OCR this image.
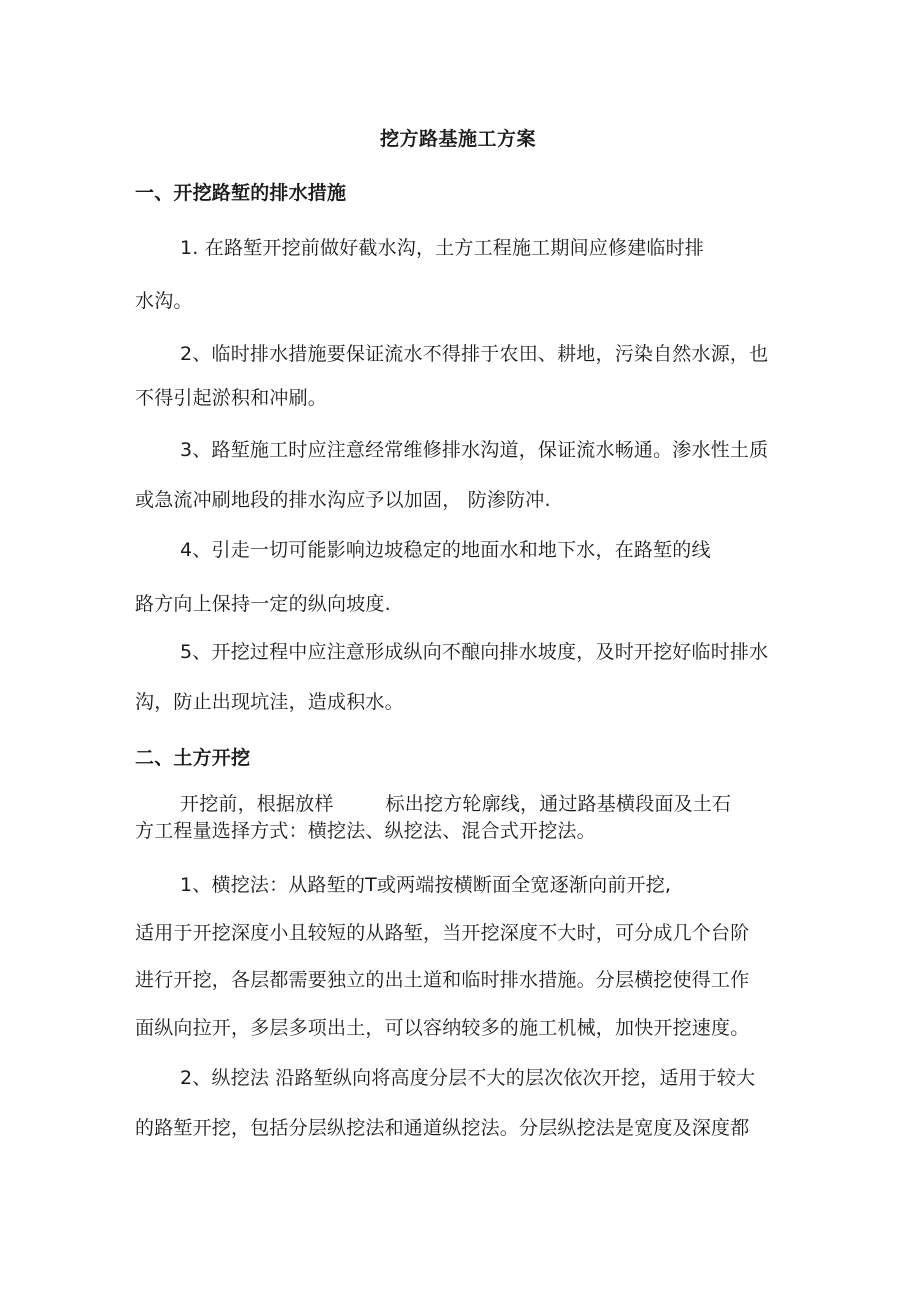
挖方路基施工方案
一、开挖路堑的排水措施
1. 在路堑开挖前做好截水沟，土方工程施工期间应修建临时排
水沟。
2、临时排水措施要保证流水不得排于农田、耕地，污染自然水源，也
不得引起淤积和冲刷。
3、路堑施工时应注意经常维修排水沟道，保证流水畅通。渗水性土质
或急流冲刷地段的排水沟应予以加固， 防渗防冲.
4、引走一切可能影响边坡稳定的地面水和地下水，在路堑的线
路方向上保持一定的纵向坡度.
5、开挖过程中应注意形成纵向不酿向排水坡度，及时开挖好临时排水
沟，防止出现坑洼，造成积水。
二、土方开挖
开挖前，根据放样	标出挖方轮廓线，通过路基横段面及土石
方工程量选择方式：横挖法、纵挖法、混合式开挖法。
1、横挖法：从路堑的T或两端按横断面全宽逐渐向前开挖,
适用于开挖深度小且较短的从路堑，当开挖深度不大时，可分成几个台阶
进行开挖，各层都需要独立的出土道和临时排水措施。分层横挖使得工作
面纵向拉开，多层多项出土，可以容纳较多的施工机械，加快开挖速度。
2、纵挖法 沿路堑纵向将高度分层不大的层次依次开挖，适用于较大
的路堑开挖，包括分层纵挖法和通道纵挖法。分层纵挖法是宽度及深度都
